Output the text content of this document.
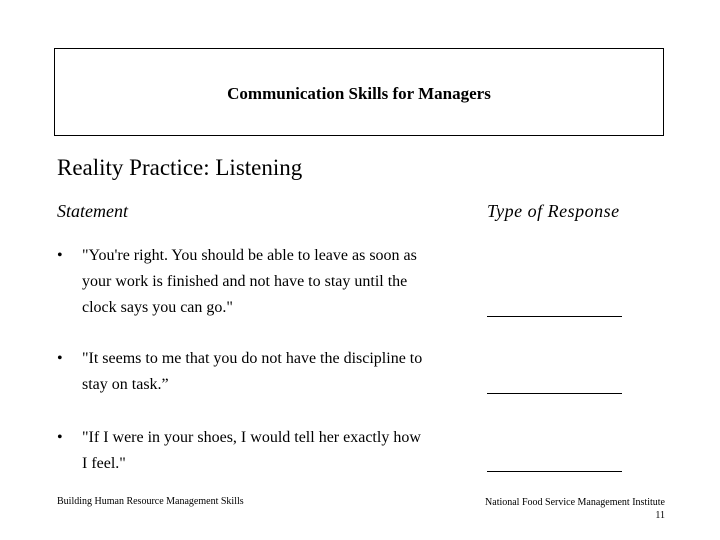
Communication Skills for Managers
Reality Practice: Listening
Statement	Type of Response
• "You're right. You should be able to leave as soon as
your work is finished and not have to stay until the
clock says you can go."
• "It seems to me that you do not have the discipline to
stay on task.”
• "If I were in your shoes, I would tell her exactly how
I feel."
Building Human Resource Management Skills	National Food Service Management Institute
11
